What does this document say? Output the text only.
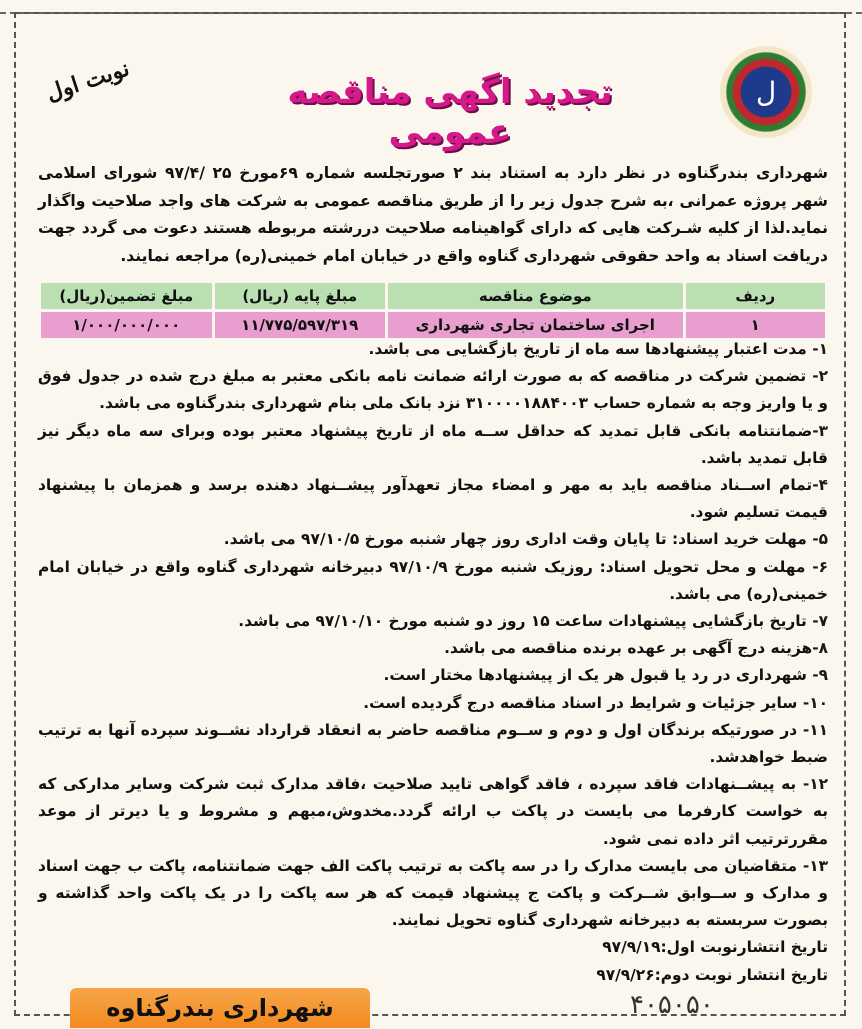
ل
تجدید اگهی مناقصه عمومی
نوبت اول

شهرداری بندرگناوه در نظر دارد به استناد بند ۲ صورتجلسه شماره ۶۹مورخ ۲۵ /۹۷/۴ شورای اسلامی شهر پروژه عمرانی ،به شرح جدول زیر را از طریق مناقصه عمومی به شرکت های واجد صلاحیت واگذار نماید.لذا از کلیه شـرکت هایی که دارای گواهینامه صلاحیت دررشته مربوطه هستند دعوت می گردد جهت دریافت اسناد به واحد حقوقی شهرداری گناوه واقع در خیابان امام خمینی(ره) مراجعه نمایند.

ردیف	موضوع مناقصه	مبلغ پایه (ریال)	مبلغ تضمین(ریال)
۱	اجرای ساختمان تجاری شهرداری	۱۱/۷۷۵/۵۹۷/۳۱۹	۱/۰۰۰/۰۰۰/۰۰۰

۱- مدت اعتبار پیشنهادها سه ماه از تاریخ بازگشایی می باشد.

۲- تضمین شرکت در مناقصه که به صورت ارائه ضمانت نامه بانکی معتبر به مبلغ درج شده در جدول فوق و یا واریز وجه به شماره حساب ۳۱۰۰۰۰۱۸۸۴۰۰۳ نزد بانک ملی بنام شهرداری بندرگناوه می باشد.

۳-ضمانتنامه بانکی قابل تمدید که حداقل ســه ماه از تاریخ پیشنهاد معتبر بوده وبرای سه ماه دیگر نیز قابل تمدید باشد.

۴-تمام اســناد مناقصه باید به مهر و امضاء مجاز تعهدآور پیشــنهاد دهنده برسد و همزمان با پیشنهاد قیمت تسلیم شود.

۵- مهلت خرید اسناد: تا پایان وقت اداری روز چهار شنبه مورخ ۹۷/۱۰/۵ می باشد.

۶- مهلت و محل تحویل اسناد: روزیک شنبه مورخ ۹۷/۱۰/۹ دبیرخانه شهرداری گناوه واقع در خیابان امام خمینی(ره) می باشد.

۷- تاریخ بازگشایی پیشنهادات ساعت ۱۵ روز دو شنبه مورخ ۹۷/۱۰/۱۰ می باشد.

۸-هزینه درج آگهی بر عهده برنده مناقصه می باشد.

۹- شهرداری در رد یا قبول هر یک از پیشنهادها مختار است.

۱۰- سایر جزئیات و شرایط در اسناد مناقصه درج گردیده است.

۱۱- در صورتیکه برندگان اول و دوم و ســوم مناقصه حاضر به انعقاد قرارداد نشــوند سپرده آنها به ترتیب ضبط خواهدشد.

۱۲- به پیشــنهادات فاقد سپرده ، فاقد گواهی تایید صلاحیت ،فاقد مدارک ثبت شرکت وسایر مدارکی که به خواست کارفرما می بایست در پاکت ب ارائه گردد.مخدوش،مبهم و مشروط و یا دیرتر از موعد مقررترتیب اثر داده نمی شود.

۱۳- متقاضیان می بایست مدارک را در سه پاکت به ترتیب پاکت الف جهت ضمانتنامه، پاکت ب جهت اسناد و مدارک و ســوابق شــرکت و پاکت ج پیشنهاد قیمت که هر سه پاکت را در یک پاکت واحد گذاشته و بصورت سربسته به دبیرخانه شهرداری گناوه تحویل نمایند.

تاریخ انتشارنوبت اول:۹۷/۹/۱۹

تاریخ انتشار نوبت دوم:۹۷/۹/۲۶

شهرداری بندرگناوه	۴۰۵۰۵۰
